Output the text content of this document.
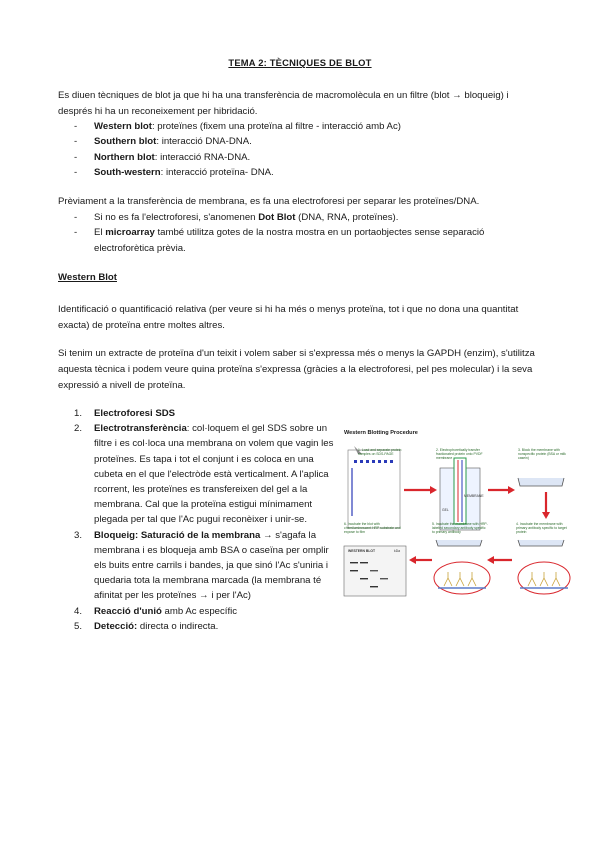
TEMA 2: TÈCNIQUES DE BLOT
Es diuen tècniques de blot ja que hi ha una transferència de macromolècula en un filtre (blot → bloqueig) i
després hi ha un reconeixement per hibridació.
- Western blot: proteïnes (fixem una proteïna al filtre - interacció amb Ac)
- Southern blot: interacció DNA-DNA.
- Northern blot: interacció RNA-DNA.
- South-western: interacció proteïna- DNA.
Prèviament a la transferència de membrana, es fa una electroforesi per separar les proteïnes/DNA.
- Si no es fa l'electroforesi, s'anomenen Dot Blot (DNA, RNA, proteïnes).
- El microarray també utilitza gotes de la nostra mostra en un portaobjectes sense separació electroforètica prèvia.
Western Blot
Identificació o quantificació relativa (per veure si hi ha més o menys proteïna, tot i que no dona una quantitat exacta) de proteïna entre moltes altres.
Si tenim un extracte de proteïna d'un teixit i volem saber si s'expressa més o menys la GAPDH (enzim), s'utilitza aquesta tècnica i podem veure quina proteïna s'expressa (gràcies a la electroforesi, pel pes molecular) i la seva expressió a nivell de proteïna.
1. Electroforesi SDS
2. Electrotransferència: col·loquem el gel SDS sobre un filtre i es col·loca una membrana on volem que vagin les proteïnes. Es tapa i tot el conjunt i es coloca en una cubeta en el que l'electròde està verticalment. A l'aplica rcorrent, les proteïnes es transfereixen del gel a la membrana. Cal que la proteïna estigui mínimament plegada per tal que l'Ac pugui reconèixer i unir-se.
3. Bloqueig: Saturació de la membrana → s'agafa la membrana i es bloqueja amb BSA o caseïna per omplir els buits entre carrils i bandes, ja que sinó l'Ac s'uniria i quedaria tota la membrana marcada (la membrana té afinitat per les proteïnes → i per l'Ac)
4. Reacció d'unió amb Ac específic
5. Detecció: directa o indirecta.
Western Blotting Procedure
1. Load and separate protein samples on SDS-PAGE
2. Electrophoretically transfer fractionated protein onto PVDF membrane
3. Block the membrane with nonspecific protein (BSA or milk casein)
4. Incubate the membrane with primary antibody specific to target protein
5. Incubate the membrane with HRP-labeled secondary antibody specific to primary antibody
6. Incubate the blot with chemiluminescent HRP substrate and expose to film
GEL
MEMBRANE
WESTERN BLOT	kDa
